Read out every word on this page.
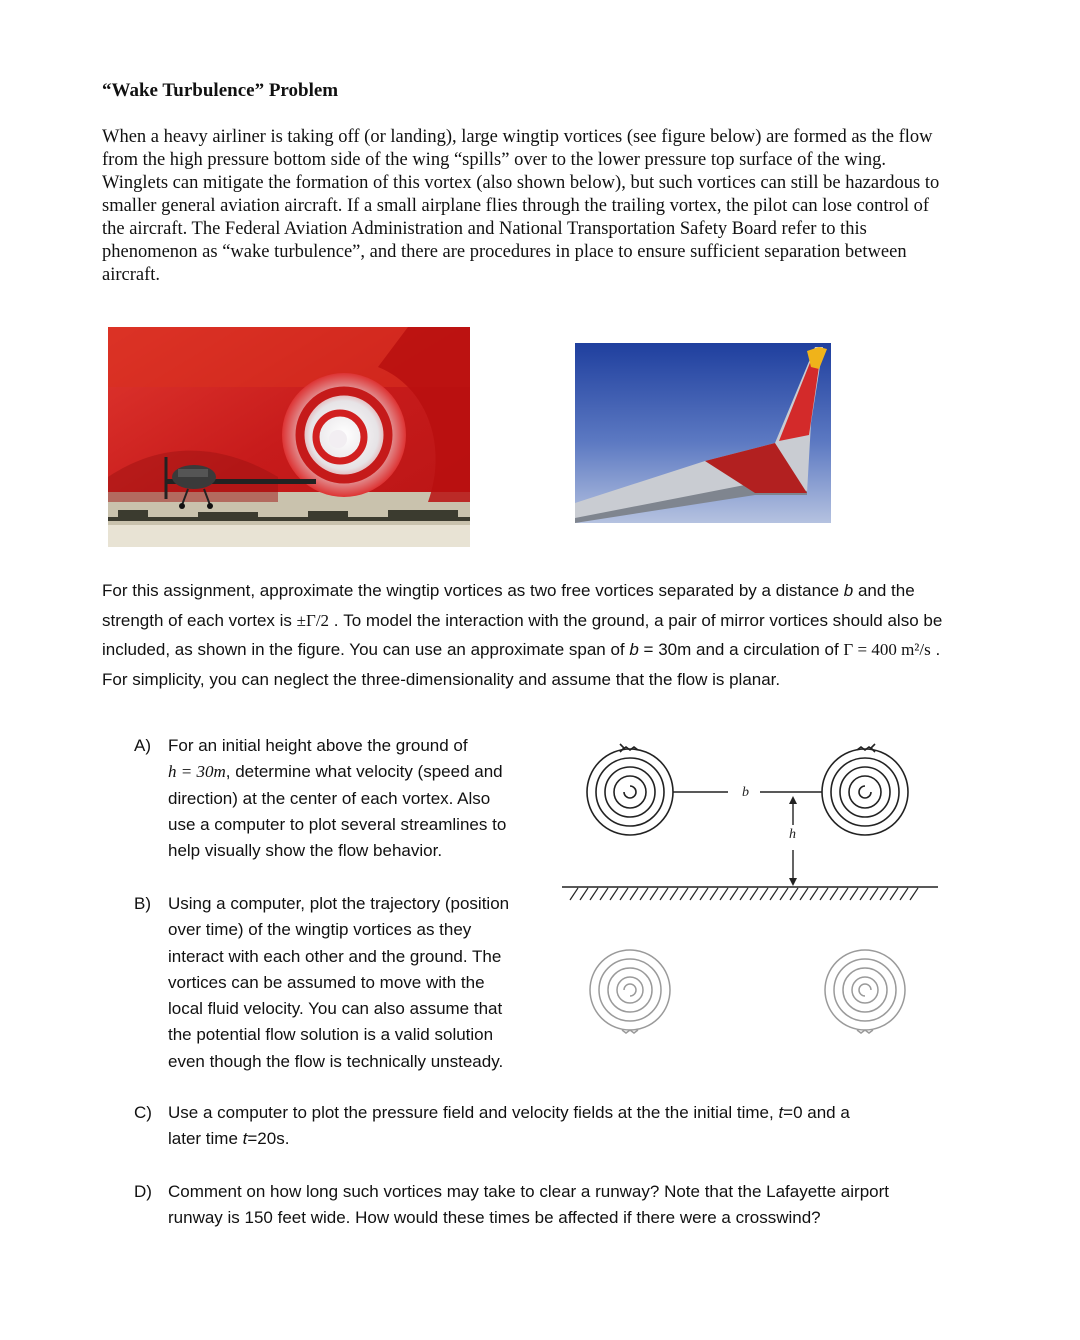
“Wake Turbulence” Problem
When a heavy airliner is taking off (or landing), large wingtip vortices (see figure below) are formed as the flow from the high pressure bottom side of the wing “spills” over to the lower pressure top surface of the wing. Winglets can mitigate the formation of this vortex (also shown below), but such vortices can still be hazardous to smaller general aviation aircraft. If a small airplane flies through the trailing vortex, the pilot can lose control of the aircraft. The Federal Aviation Administration and National Transportation Safety Board refer to this phenomenon as “wake turbulence”, and there are procedures in place to ensure sufficient separation between aircraft.
For this assignment, approximate the wingtip vortices as two free vortices separated by a distance b and the strength of each vortex is ±Γ/2 . To model the interaction with the ground, a pair of mirror vortices should also be included, as shown in the figure. You can use an approximate span of b = 30m and a circulation of Γ = 400 m²/s . For simplicity, you can neglect the three-dimensionality and assume that the flow is planar.
A) For an initial height above the ground of
h = 30m, determine what velocity (speed and
direction) at the center of each vortex. Also
use a computer to plot several streamlines to
help visually show the flow behavior.
B) Using a computer, plot the trajectory (position
over time) of the wingtip vortices as they
interact with each other and the ground. The
vortices can be assumed to move with the
local fluid velocity. You can also assume that
the potential flow solution is a valid solution
even though the flow is technically unsteady.
b
h
C) Use a computer to plot the pressure field and velocity fields at the the initial time, t=0 and a
later time t=20s.
D) Comment on how long such vortices may take to clear a runway? Note that the Lafayette airport
runway is 150 feet wide. How would these times be affected if there were a crosswind?
